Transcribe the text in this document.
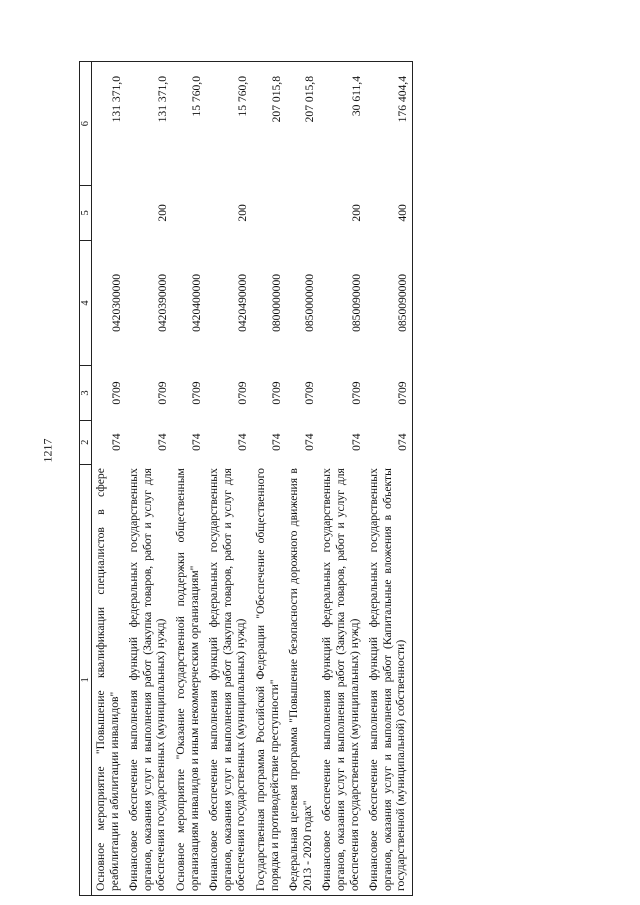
1217
1	2	3	4	5	6
Основное мероприятие "Повышение квалификации специалистов в сфере реабилитации и абилитации инвалидов"	074	0709	0420300000		131 371,0
Финансовое обеспечение выполнения функций федеральных государственных органов, оказания услуг и выполнения работ (Закупка товаров, работ и услуг для обеспечения государственных (муниципальных) нужд)	074	0709	0420390000	200	131 371,0
Основное мероприятие "Оказание государственной поддержки общественным организациям инвалидов и иным некоммерческим организациям"	074	0709	0420400000		15 760,0
Финансовое обеспечение выполнения функций федеральных государственных органов, оказания услуг и выполнения работ (Закупка товаров, работ и услуг для обеспечения государственных (муниципальных) нужд)	074	0709	0420490000	200	15 760,0
Государственная программа Российской Федерации "Обеспечение общественного порядка и противодействие преступности"	074	0709	0800000000		207 015,8
Федеральная целевая программа "Повышение безопасности дорожного движения в 2013 - 2020 годах"	074	0709	0850000000		207 015,8
Финансовое обеспечение выполнения функций федеральных государственных органов, оказания услуг и выполнения работ (Закупка товаров, работ и услуг для обеспечения государственных (муниципальных) нужд)	074	0709	0850090000	200	30 611,4
Финансовое обеспечение выполнения функций федеральных государственных органов, оказания услуг и выполнения работ (Капитальные вложения в объекты государственной (муниципальной) собственности)	074	0709	0850090000	400	176 404,4
